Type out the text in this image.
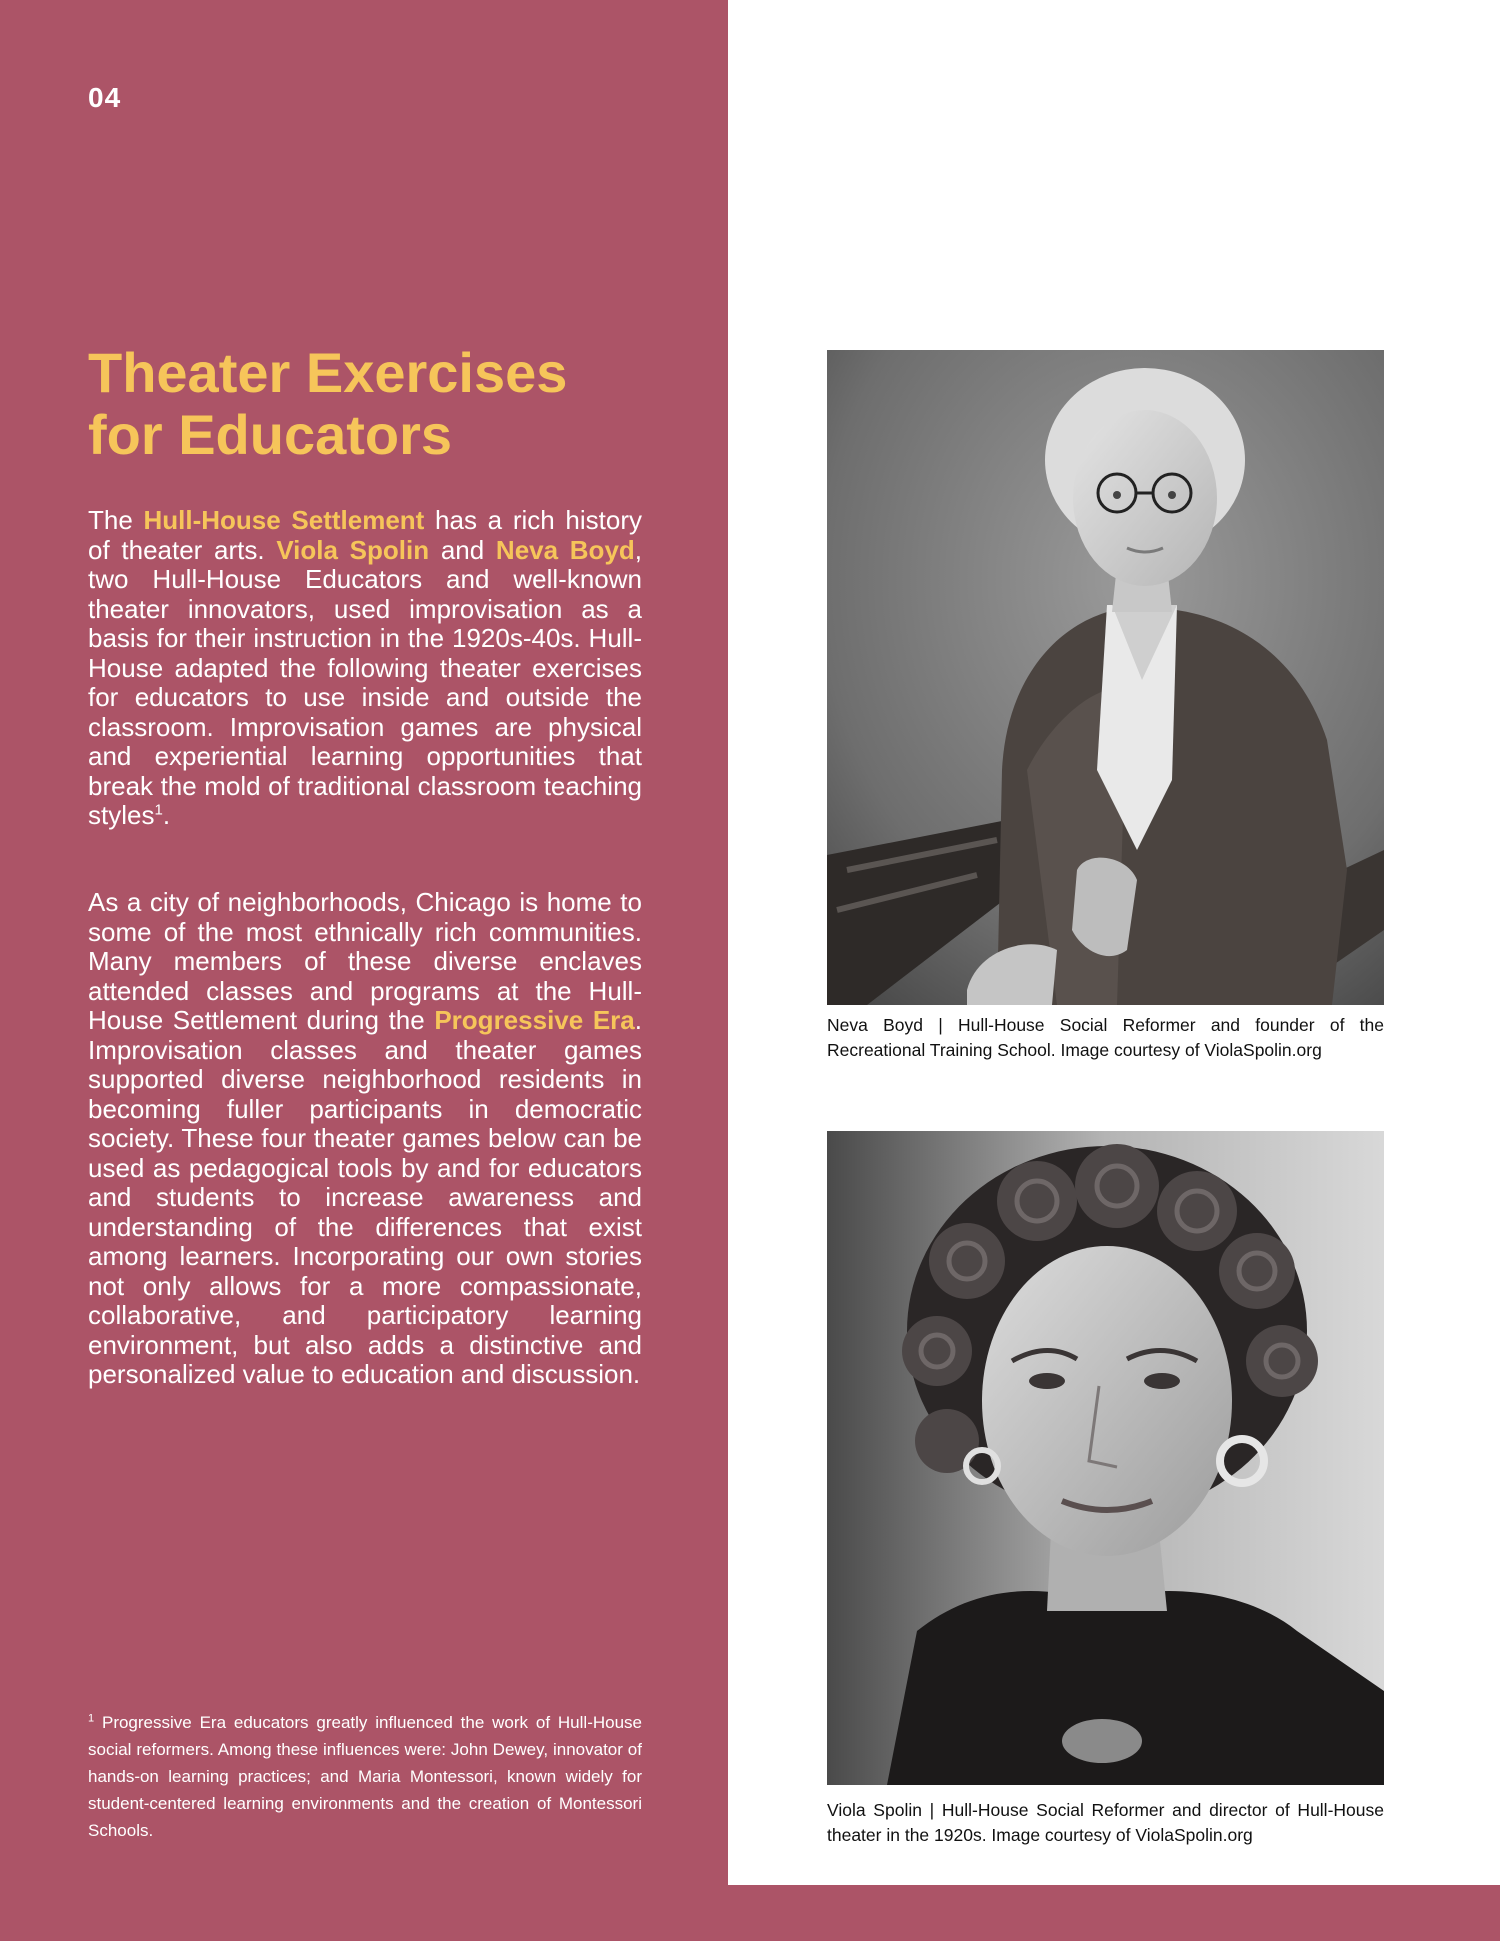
04
Theater Exercises
for Educators

The Hull-House Settlement has a rich history of theater arts. Viola Spolin and Neva Boyd, two Hull-House Educators and well-known theater innovators, used improvisation as a basis for their instruction in the 1920s-40s. Hull-House adapted the following theater exercises for educators to use inside and outside the classroom. Improvisation games are physical and experiential learning opportunities that break the mold of traditional classroom teaching styles$^1$.

As a city of neighborhoods, Chicago is home to some of the most ethnically rich communities. Many members of these diverse enclaves attended classes and programs at the Hull-House Settlement during the Progressive Era. Improvisation classes and theater games supported diverse neighborhood residents in becoming fuller participants in democratic society. These four theater games below can be used as pedagogical tools by and for educators and students to increase awareness and understanding of the differences that exist among learners. Incorporating our own stories not only allows for a more compassionate, collaborative, and participatory learning environment, but also adds a distinctive and personalized value to education and discussion.

$^1$ Progressive Era educators greatly influenced the work of Hull-House social reformers. Among these influences were: John Dewey, innovator of hands-on learning practices; and Maria Montessori, known widely for student-centered learning environments and the creation of Montessori Schools.

Neva Boyd | Hull-House Social Reformer and founder of the Recreational Training School. Image courtesy of ViolaSpolin.org

Viola Spolin | Hull-House Social Reformer and director of Hull-House theater in the 1920s. Image courtesy of ViolaSpolin.org
